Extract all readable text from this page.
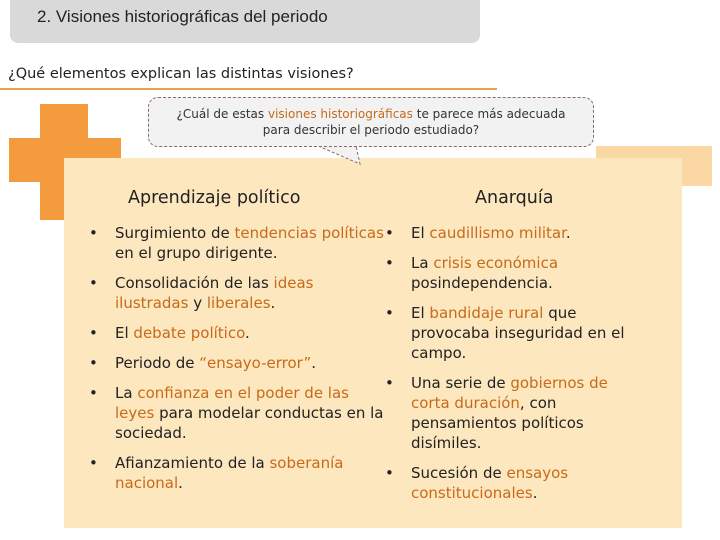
2. Visiones historiográficas del periodo
¿Qué elementos explican las distintas visiones?
¿Cuál de estas visiones historiográficas te parece más adecuada
para describir el periodo estudiado?
Aprendizaje político	Anarquía
• Surgimiento de tendencias políticas en el grupo dirigente.
• Consolidación de las ideas ilustradas y liberales.
• El debate político.
• Periodo de “ensayo-error”.
• La confianza en el poder de las leyes para modelar conductas en la sociedad.
• Afianzamiento de la soberanía nacional.
• El caudillismo militar.
• La crisis económica posindependencia.
• El bandidaje rural que provocaba inseguridad en el campo.
• Una serie de gobiernos de corta duración, con pensamientos políticos disímiles.
• Sucesión de ensayos constitucionales.
